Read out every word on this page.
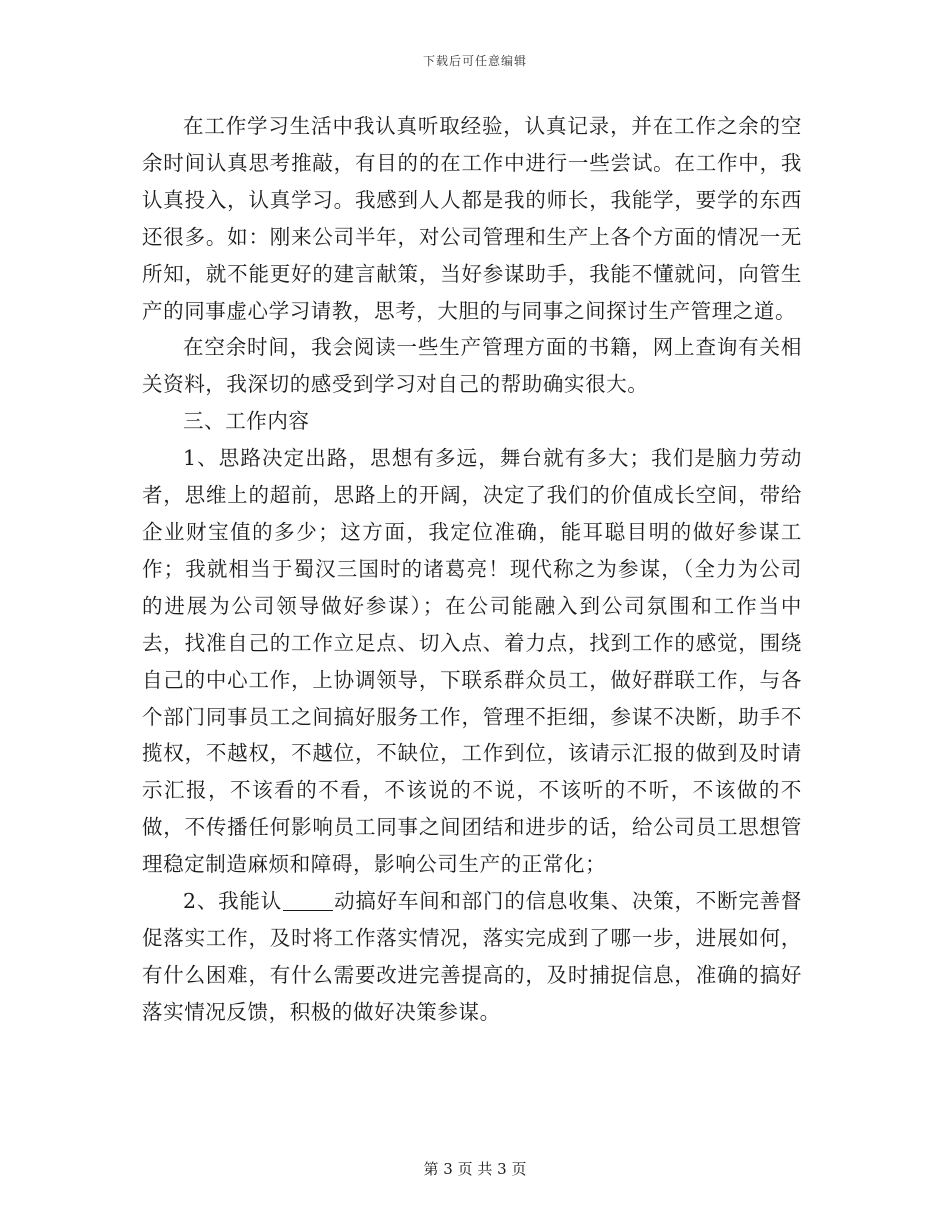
下载后可任意编辑

在工作学习生活中我认真听取经验，认真记录，并在工作之余的空余时间认真思考推敲，有目的的在工作中进行一些尝试。在工作中，我认真投入，认真学习。我感到人人都是我的师长，我能学，要学的东西还很多。如：刚来公司半年，对公司管理和生产上各个方面的情况一无所知，就不能更好的建言献策，当好参谋助手，我能不懂就问，向管生产的同事虚心学习请教，思考，大胆的与同事之间探讨生产管理之道。

在空余时间，我会阅读一些生产管理方面的书籍，网上查询有关相关资料，我深切的感受到学习对自己的帮助确实很大。

三、工作内容

1、思路决定出路，思想有多远，舞台就有多大；我们是脑力劳动者，思维上的超前，思路上的开阔，决定了我们的价值成长空间，带给企业财宝值的多少；这方面，我定位准确，能耳聪目明的做好参谋工作；我就相当于蜀汉三国时的诸葛亮！现代称之为参谋，（全力为公司的进展为公司领导做好参谋）；在公司能融入到公司氛围和工作当中去，找准自己的工作立足点、切入点、着力点，找到工作的感觉，围绕自己的中心工作，上协调领导，下联系群众员工，做好群联工作，与各个部门同事员工之间搞好服务工作，管理不拒细，参谋不决断，助手不揽权，不越权，不越位，不缺位，工作到位，该请示汇报的做到及时请示汇报，不该看的不看，不该说的不说，不该听的不听，不该做的不做，不传播任何影响员工同事之间团结和进步的话，给公司员工思想管理稳定制造麻烦和障碍，影响公司生产的正常化；

2、我能认	动搞好车间和部门的信息收集、决策，不断完善督促落实工作，及时将工作落实情况，落实完成到了哪一步，进展如何，有什么困难，有什么需要改进完善提高的，及时捕捉信息，准确的搞好落实情况反馈，积极的做好决策参谋。

第 3 页 共 3 页
